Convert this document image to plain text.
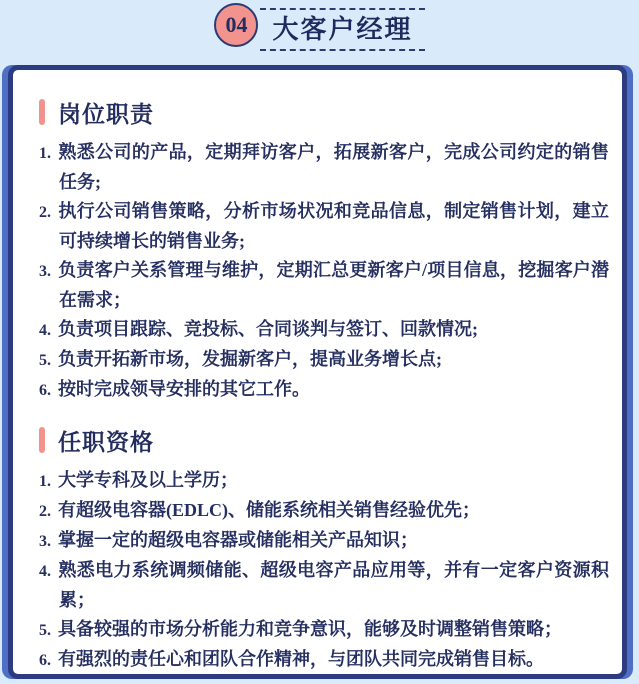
04 大客户经理
岗位职责
1. 熟悉公司的产品，定期拜访客户，拓展新客户，完成公司约定的销售任务;
2. 执行公司销售策略，分析市场状况和竞品信息，制定销售计划，建立可持续增长的销售业务;
3. 负责客户关系管理与维护，定期汇总更新客户/项目信息，挖掘客户潜在需求；
4. 负责项目跟踪、竞投标、合同谈判与签订、回款情况;
5. 负责开拓新市场，发掘新客户，提高业务增长点;
6. 按时完成领导安排的其它工作。
任职资格
1. 大学专科及以上学历；
2. 有超级电容器(EDLC)、储能系统相关销售经验优先；
3. 掌握一定的超级电容器或储能相关产品知识；
4. 熟悉电力系统调频储能、超级电容产品应用等，并有一定客户资源积累；
5. 具备较强的市场分析能力和竞争意识，能够及时调整销售策略；
6. 有强烈的责任心和团队合作精神，与团队共同完成销售目标。
